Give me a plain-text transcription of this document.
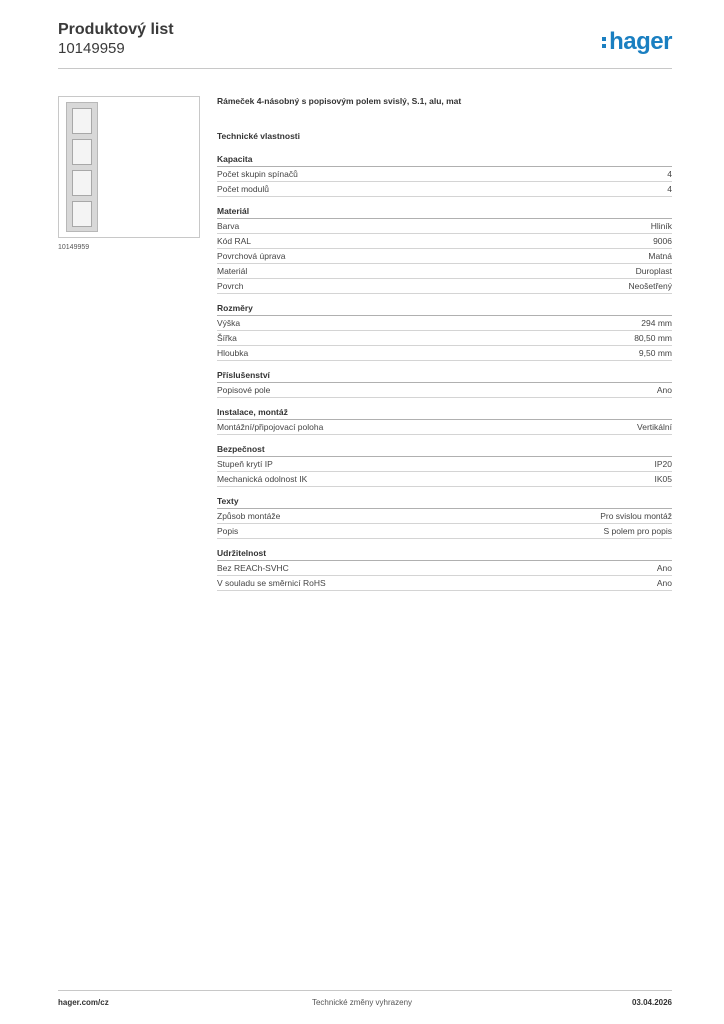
Produktový list
10149959	hager
10149959
Rámeček 4-násobný s popisovým polem svislý, S.1, alu, mat
Technické vlastnosti
Kapacita
Počet skupin spínačů	4
Počet modulů	4
Materiál
Barva	Hliník
Kód RAL	9006
Povrchová úprava	Matná
Materiál	Duroplast
Povrch	Neošetřený
Rozměry
Výška	294 mm
Šířka	80,50 mm
Hloubka	9,50 mm
Příslušenství
Popisové pole	Ano
Instalace, montáž
Montážní/připojovací poloha	Vertikální
Bezpečnost
Stupeň krytí IP	IP20
Mechanická odolnost IK	IK05
Texty
Způsob montáže	Pro svislou montáž
Popis	S polem pro popis
Udržitelnost
Bez REACh-SVHC	Ano
V souladu se směrnicí RoHS	Ano
hager.com/cz	Technické změny vyhrazeny	03.04.2026
